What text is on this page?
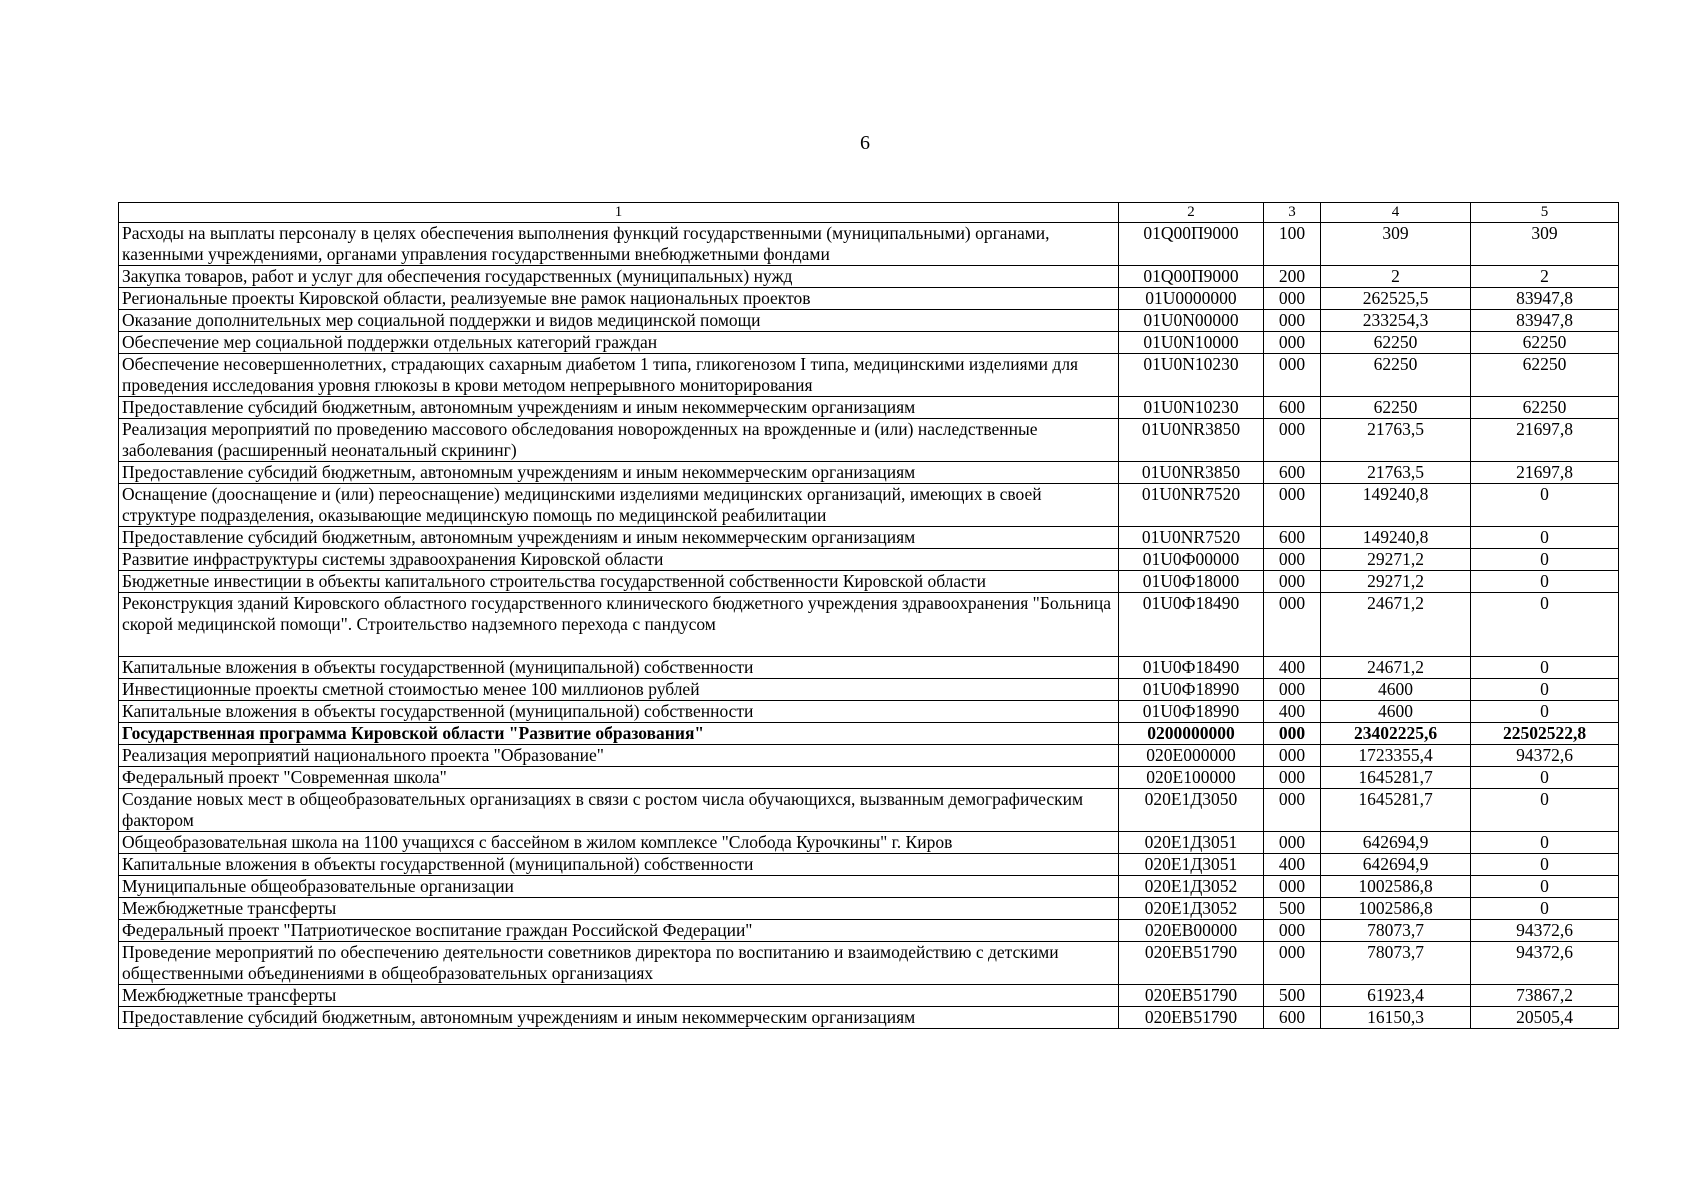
6
1	2	3	4	5
Расходы на выплаты персоналу в целях обеспечения выполнения функций государственными (муниципальными) органами, казенными учреждениями, органами управления государственными внебюджетными фондами	01Q00П9000	100	309	309
Закупка товаров, работ и услуг для обеспечения государственных (муниципальных) нужд	01Q00П9000	200	2	2
Региональные проекты Кировской области, реализуемые вне рамок национальных проектов	01U0000000	000	262525,5	83947,8
Оказание дополнительных мер социальной поддержки и видов медицинской помощи	01U0N00000	000	233254,3	83947,8
Обеспечение мер социальной поддержки отдельных категорий граждан	01U0N10000	000	62250	62250
Обеспечение несовершеннолетних, страдающих сахарным диабетом 1 типа, гликогенозом I типа, медицинскими изделиями для проведения исследования уровня глюкозы в крови методом непрерывного мониторирования	01U0N10230	000	62250	62250
Предоставление субсидий бюджетным, автономным учреждениям и иным некоммерческим организациям	01U0N10230	600	62250	62250
Реализация мероприятий по проведению массового обследования новорожденных на врожденные и (или) наследственные заболевания (расширенный неонатальный скрининг)	01U0NR3850	000	21763,5	21697,8
Предоставление субсидий бюджетным, автономным учреждениям и иным некоммерческим организациям	01U0NR3850	600	21763,5	21697,8
Оснащение (дооснащение и (или) переоснащение) медицинскими изделиями медицинских организаций, имеющих в своей структуре подразделения, оказывающие медицинскую помощь по медицинской реабилитации	01U0NR7520	000	149240,8	0
Предоставление субсидий бюджетным, автономным учреждениям и иным некоммерческим организациям	01U0NR7520	600	149240,8	0
Развитие инфраструктуры системы здравоохранения Кировской области	01U0Ф00000	000	29271,2	0
Бюджетные инвестиции в объекты капитального строительства государственной собственности Кировской области	01U0Ф18000	000	29271,2	0
Реконструкция зданий Кировского областного государственного клинического бюджетного учреждения здравоохранения "Больница скорой медицинской помощи". Строительство надземного перехода с пандусом	01U0Ф18490	000	24671,2	0
Капитальные вложения в объекты государственной (муниципальной) собственности	01U0Ф18490	400	24671,2	0
Инвестиционные проекты сметной стоимостью менее 100 миллионов рублей	01U0Ф18990	000	4600	0
Капитальные вложения в объекты государственной (муниципальной) собственности	01U0Ф18990	400	4600	0
Государственная программа Кировской области "Развитие образования"	0200000000	000	23402225,6	22502522,8
Реализация мероприятий национального проекта "Образование"	020E000000	000	1723355,4	94372,6
Федеральный проект "Современная школа"	020E100000	000	1645281,7	0
Создание новых мест в общеобразовательных организациях в связи с ростом числа обучающихся, вызванным демографическим фактором	020E1Д3050	000	1645281,7	0
Общеобразовательная школа на 1100 учащихся с бассейном в жилом комплексе "Слобода Курочкины" г. Киров	020E1Д3051	000	642694,9	0
Капитальные вложения в объекты государственной (муниципальной) собственности	020E1Д3051	400	642694,9	0
Муниципальные общеобразовательные организации	020E1Д3052	000	1002586,8	0
Межбюджетные трансферты	020E1Д3052	500	1002586,8	0
Федеральный проект "Патриотическое воспитание граждан Российской Федерации"	020EB00000	000	78073,7	94372,6
Проведение мероприятий по обеспечению деятельности советников директора по воспитанию и взаимодействию с детскими общественными объединениями в общеобразовательных организациях	020EB51790	000	78073,7	94372,6
Межбюджетные трансферты	020EB51790	500	61923,4	73867,2
Предоставление субсидий бюджетным, автономным учреждениям и иным некоммерческим организациям	020EB51790	600	16150,3	20505,4
